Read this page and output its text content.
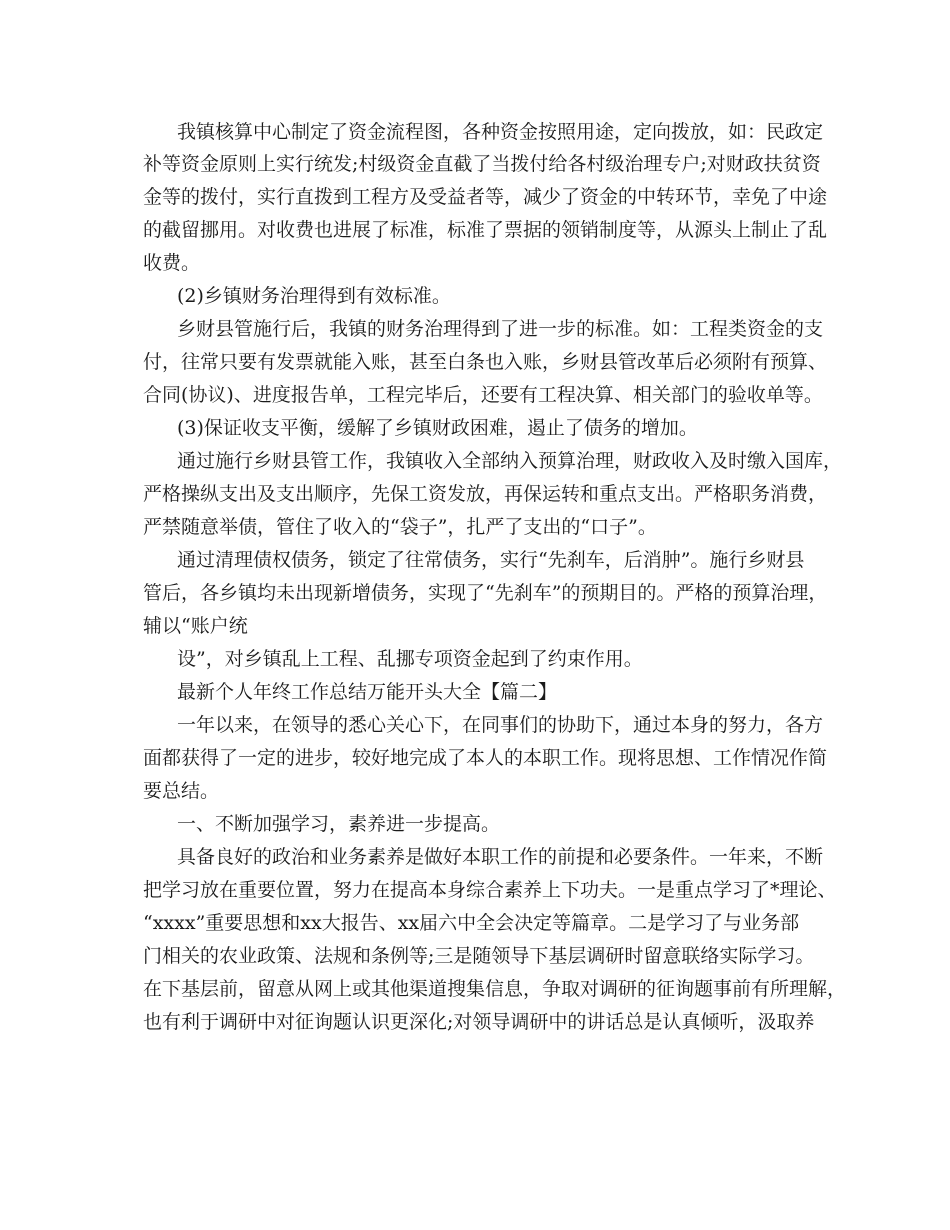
我镇核算中心制定了资金流程图，各种资金按照用途，定向拨放，如：民政定

补等资金原则上实行统发;村级资金直截了当拨付给各村级治理专户;对财政扶贫资

金等的拨付，实行直拨到工程方及受益者等，减少了资金的中转环节，幸免了中途

的截留挪用。对收费也进展了标准，标准了票据的领销制度等，从源头上制止了乱

收费。

(2)乡镇财务治理得到有效标准。

乡财县管施行后，我镇的财务治理得到了进一步的标准。如：工程类资金的支

付，往常只要有发票就能入账，甚至白条也入账，乡财县管改革后必须附有预算、

合同(协议)、进度报告单，工程完毕后，还要有工程决算、相关部门的验收单等。

(3)保证收支平衡，缓解了乡镇财政困难，遏止了债务的增加。

通过施行乡财县管工作，我镇收入全部纳入预算治理，财政收入及时缴入国库，

严格操纵支出及支出顺序，先保工资发放，再保运转和重点支出。严格职务消费，

严禁随意举债，管住了收入的“袋子”，扎严了支出的“口子”。

通过清理债权债务，锁定了往常债务，实行“先刹车，后消肿”。施行乡财县

管后，各乡镇均未出现新增债务，实现了“先刹车”的预期目的。严格的预算治理，

辅以“账户统

设”，对乡镇乱上工程、乱挪专项资金起到了约束作用。

最新个人年终工作总结万能开头大全【篇二】

一年以来，在领导的悉心关心下，在同事们的协助下，通过本身的努力，各方

面都获得了一定的进步，较好地完成了本人的本职工作。现将思想、工作情况作简

要总结。

一、不断加强学习，素养进一步提高。

具备良好的政治和业务素养是做好本职工作的前提和必要条件。一年来，不断

把学习放在重要位置，努力在提高本身综合素养上下功夫。一是重点学习了*理论、

“xxxx”重要思想和xx大报告、xx届六中全会决定等篇章。二是学习了与业务部

门相关的农业政策、法规和条例等;三是随领导下基层调研时留意联络实际学习。

在下基层前，留意从网上或其他渠道搜集信息，争取对调研的征询题事前有所理解，

也有利于调研中对征询题认识更深化;对领导调研中的讲话总是认真倾听，汲取养
